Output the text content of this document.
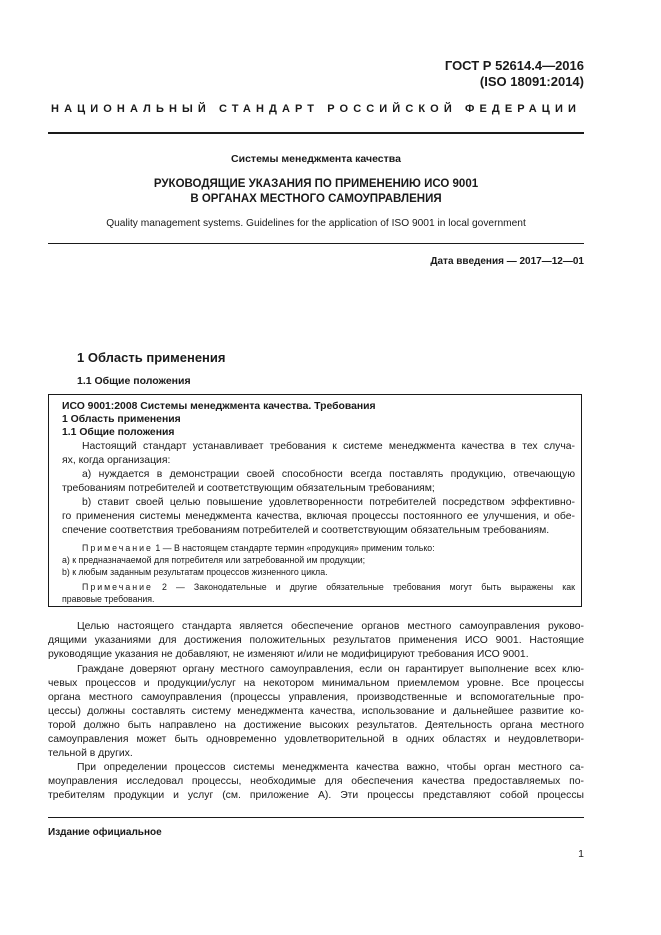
ГОСТ Р 52614.4—2016
(ISO 18091:2014)
НАЦИОНАЛЬНЫЙ СТАНДАРТ РОССИЙСКОЙ ФЕДЕРАЦИИ
Системы менеджмента качества
РУКОВОДЯЩИЕ УКАЗАНИЯ ПО ПРИМЕНЕНИЮ ИСО 9001
В ОРГАНАХ МЕСТНОГО САМОУПРАВЛЕНИЯ
Quality management systems. Guidelines for the application of ISO 9001 in local government
Дата введения — 2017—12—01
1 Область применения
1.1 Общие положения
ИСО 9001:2008 Системы менеджмента качества. Требования
1 Область применения
1.1 Общие положения
Настоящий стандарт устанавливает требования к системе менеджмента качества в тех случа-
ях, когда организация:
а) нуждается в демонстрации своей способности всегда поставлять продукцию, отвечающую
требованиям потребителей и соответствующим обязательным требованиям;
b) ставит своей целью повышение удовлетворенности потребителей посредством эффективно-
го применения системы менеджмента качества, включая процессы постоянного ее улучшения, и обе-
спечение соответствия требованиям потребителей и соответствующим обязательным требованиям.
Примечание 1 — В настоящем стандарте термин «продукция» применим только:
а) к предназначаемой для потребителя или затребованной им продукции;
b) к любым заданным результатам процессов жизненного цикла.
Примечание 2 — Законодательные и другие обязательные требования могут быть выражены как
правовые требования.
Целью настоящего стандарта является обеспечение органов местного самоуправления руково-
дящими указаниями для достижения положительных результатов применения ИСО 9001. Настоящие
руководящие указания не добавляют, не изменяют и/или не модифицируют требования ИСО 9001.
Граждане доверяют органу местного самоуправления, если он гарантирует выполнение всех клю-
чевых процессов и продукции/услуг на некотором минимальном приемлемом уровне. Все процессы
органа местного самоуправления (процессы управления, производственные и вспомогательные про-
цессы) должны составлять систему менеджмента качества, использование и дальнейшее развитие ко-
торой должно быть направлено на достижение высоких результатов. Деятельность органа местного
самоуправления может быть одновременно удовлетворительной в одних областях и неудовлетвори-
тельной в других.
При определении процессов системы менеджмента качества важно, чтобы орган местного са-
моуправления исследовал процессы, необходимые для обеспечения качества предоставляемых по-
требителям продукции и услуг (см. приложение А). Эти процессы представляют собой процессы
Издание официальное
1
